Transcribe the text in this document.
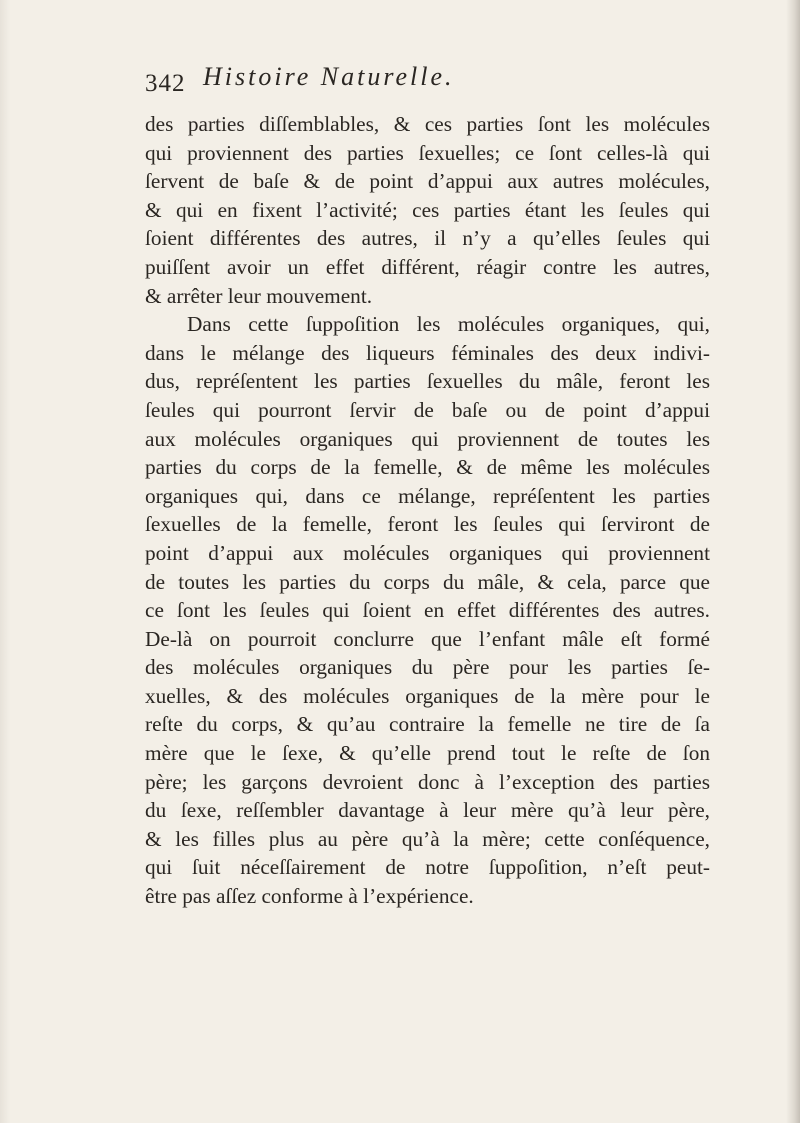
342 Histoire Naturelle.
des parties diſſemblables, & ces parties ſont les molécules
qui proviennent des parties ſexuelles; ce ſont celles-là qui
ſervent de baſe & de point d’appui aux autres molécules,
& qui en fixent l’activité; ces parties étant les ſeules qui
ſoient différentes des autres, il n’y a qu’elles ſeules qui
puiſſent avoir un effet différent, réagir contre les autres,
& arrêter leur mouvement.
Dans cette ſuppoſition les molécules organiques, qui,
dans le mélange des liqueurs féminales des deux indivi-
dus, repréſentent les parties ſexuelles du mâle, feront les
ſeules qui pourront ſervir de baſe ou de point d’appui
aux molécules organiques qui proviennent de toutes les
parties du corps de la femelle, & de même les molécules
organiques qui, dans ce mélange, repréſentent les parties
ſexuelles de la femelle, feront les ſeules qui ſerviront de
point d’appui aux molécules organiques qui proviennent
de toutes les parties du corps du mâle, & cela, parce que
ce ſont les ſeules qui ſoient en effet différentes des autres.
De-là on pourroit conclurre que l’enfant mâle eſt formé
des molécules organiques du père pour les parties ſe-
xuelles, & des molécules organiques de la mère pour le
reſte du corps, & qu’au contraire la femelle ne tire de ſa
mère que le ſexe, & qu’elle prend tout le reſte de ſon
père; les garçons devroient donc à l’exception des parties
du ſexe, reſſembler davantage à leur mère qu’à leur père,
& les filles plus au père qu’à la mère; cette conſéquence,
qui ſuit néceſſairement de notre ſuppoſition, n’eſt peut-
être pas aſſez conforme à l’expérience.
